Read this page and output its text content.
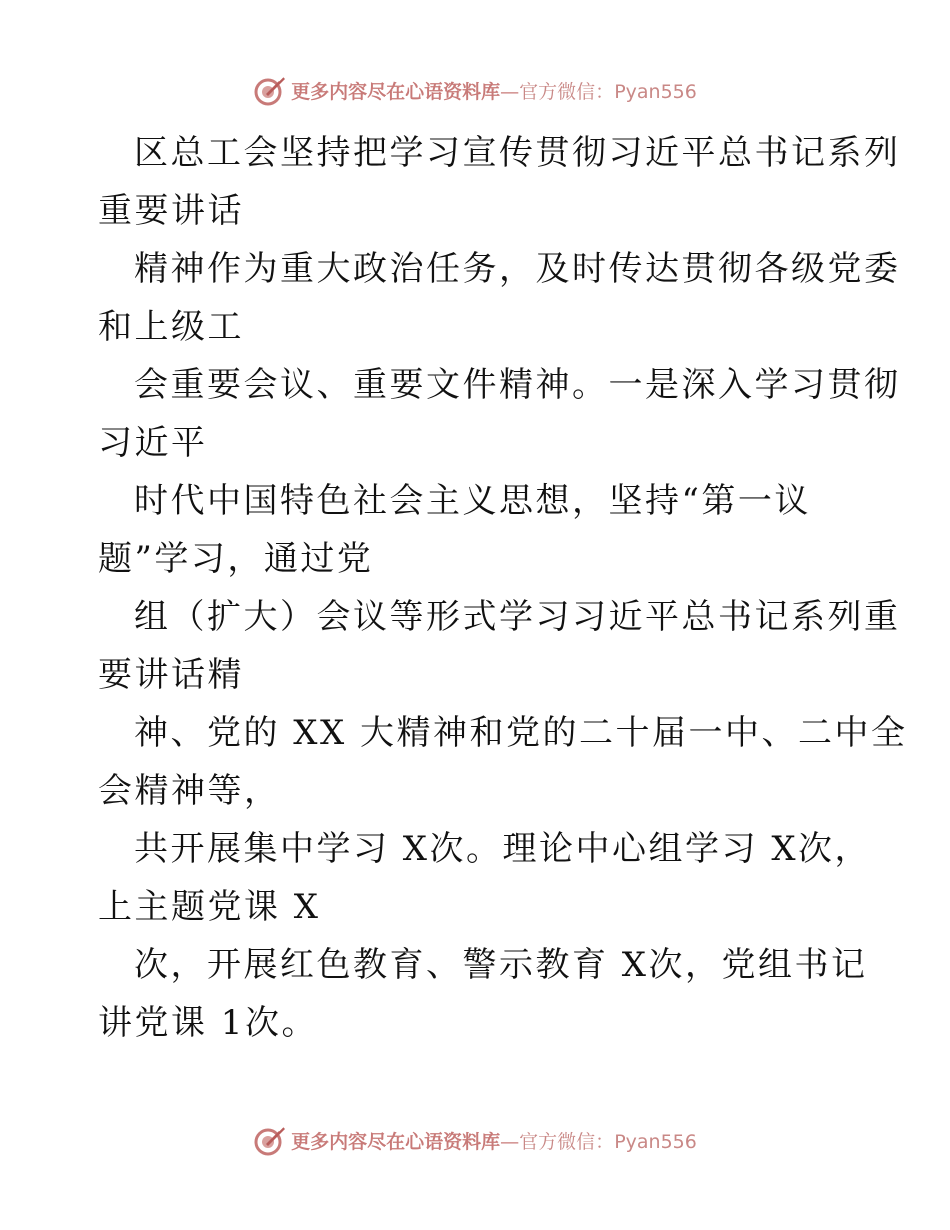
更多内容尽在心语资料库—官方微信：Pyan556
区总工会坚持把学习宣传贯彻习近平总书记系列
重要讲话
精神作为重大政治任务，及时传达贯彻各级党委
和上级工
会重要会议、重要文件精神。一是深入学习贯彻
习近平
时代中国特色社会主义思想，坚持“第一议
题”学习，通过党
组（扩大）会议等形式学习习近平总书记系列重
要讲话精
神、党的 XX 大精神和党的二十届一中、二中全
会精神等，
共开展集中学习 X次。理论中心组学习 X次，
上主题党课 X
次，开展红色教育、警示教育 X次，党组书记
讲党课 1次。
更多内容尽在心语资料库—官方微信：Pyan556
